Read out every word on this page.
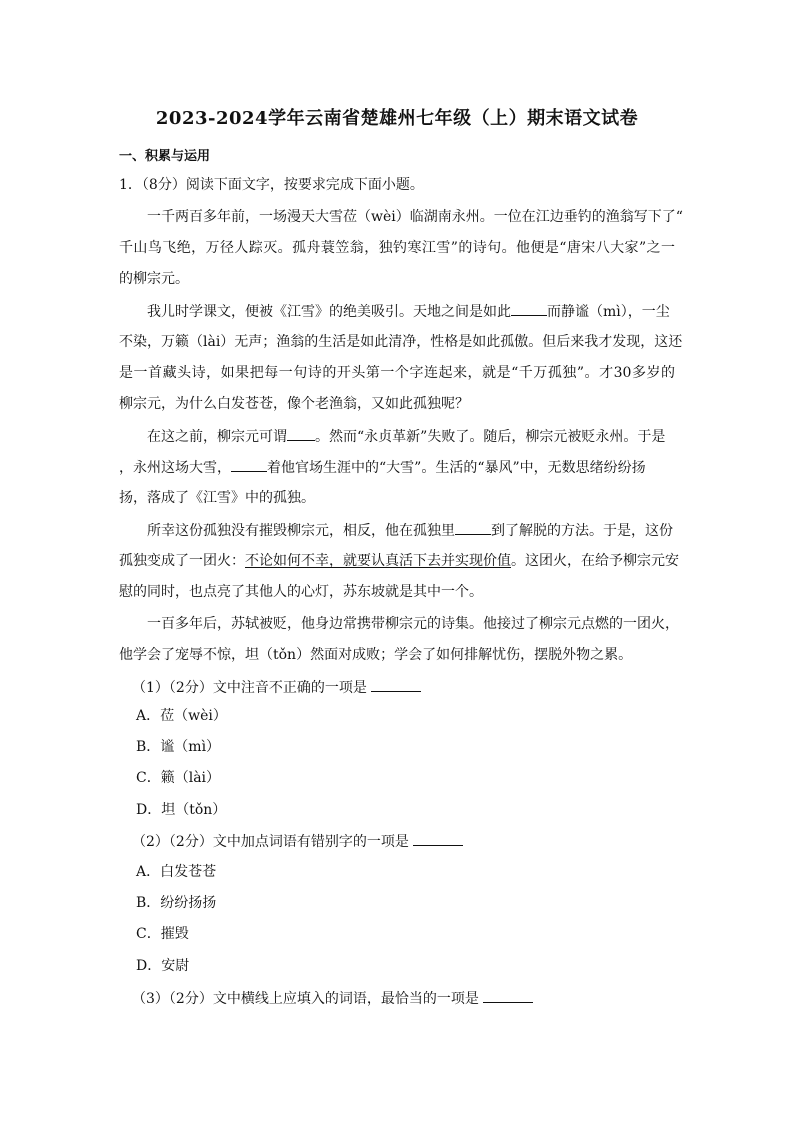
2023-2024学年云南省楚雄州七年级（上）期末语文试卷
一、积累与运用
1．（8分）阅读下面文字，按要求完成下面小题。
一千两百多年前，一场漫天大雪莅（wèi）临湖南永州。一位在江边垂钓的渔翁写下了“
千山鸟飞绝，万径人踪灭。孤舟蓑笠翁，独钓寒江雪”的诗句。他便是“唐宋八大家”之一
的柳宗元。
我儿时学课文，便被《江雪》的绝美吸引。天地之间是如此	而静谧（mì），一尘
不染，万籁（lài）无声；渔翁的生活是如此清净，性格是如此孤傲。但后来我才发现，这还
是一首藏头诗，如果把每一句诗的开头第一个字连起来，就是“千万孤独”。才30多岁的
柳宗元，为什么白发苍苍，像个老渔翁，又如此孤独呢？
在这之前，柳宗元可谓 。然而“永贞革新”失败了。随后，柳宗元被贬永州。于是
，永州这场大雪，	着他官场生涯中的“大雪”。生活的“暴风”中，无数思绪纷纷扬
扬，落成了《江雪》中的孤独。
所幸这份孤独没有摧毁柳宗元，相反，他在孤独里	到了解脱的方法。于是，这份
孤独变成了一团火：不论如何不幸，就要认真活下去并实现价值。这团火，在给予柳宗元安
慰的同时，也点亮了其他人的心灯，苏东坡就是其中一个。
一百多年后，苏轼被贬，他身边常携带柳宗元的诗集。他接过了柳宗元点燃的一团火，
他学会了宠辱不惊，坦（tǒn）然面对成败；学会了如何排解忧伤，摆脱外物之累。
（1）（2分）文中注音不正确的一项是
A．莅（wèi）
B．谧（mì）
C．籁（lài）
D．坦（tǒn）
（2）（2分）文中加点词语有错别字的一项是
A．白发苍苍
B．纷纷扬扬
C．摧毁
D．安尉
（3）（2分）文中横线上应填入的词语，最恰当的一项是
